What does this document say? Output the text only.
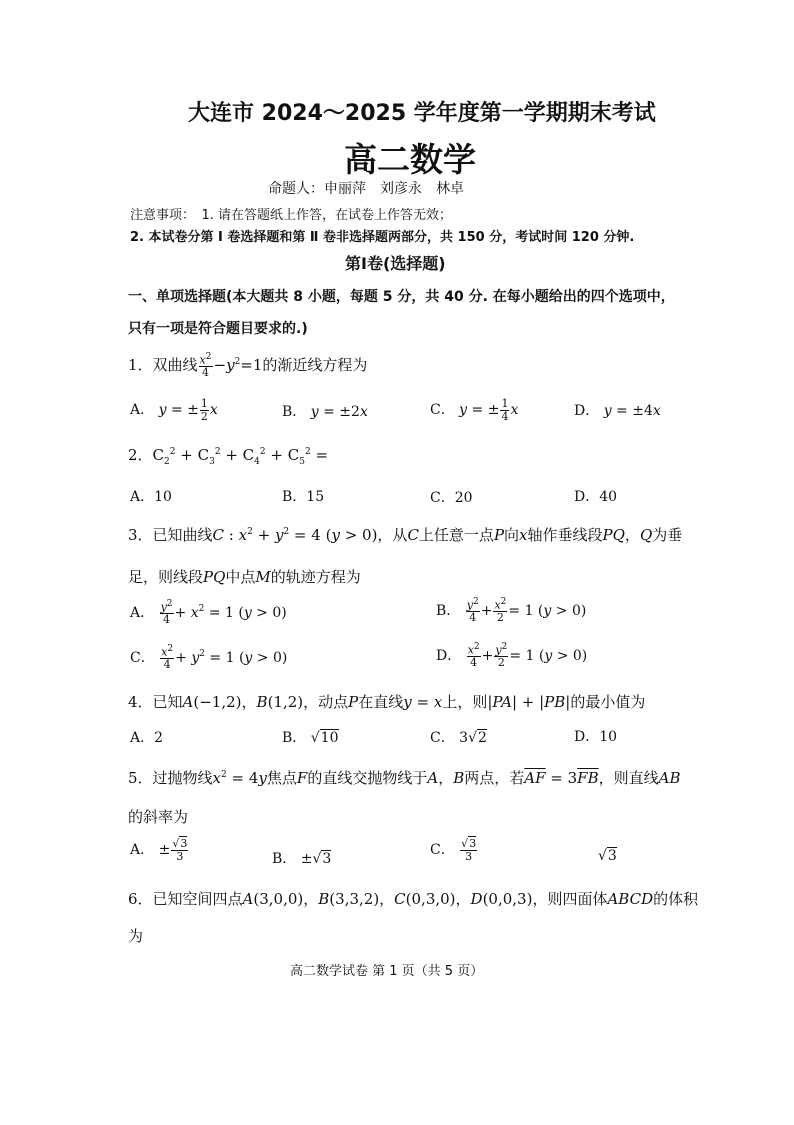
大连市 2024～2025 学年度第一学期期末考试
高二数学
命题人：申丽萍　刘彦永　林卓
注意事项：　1. 请在答题纸上作答，在试卷上作答无效；
2. 本试卷分第 Ⅰ 卷选择题和第 Ⅱ 卷非选择题两部分，共 150 分，考试时间 120 分钟.
第Ⅰ卷(选择题)
一、单项选择题(本大题共 8 小题，每题 5 分，共 40 分. 在每小题给出的四个选项中，
只有一项是符合题目要求的.)
1．双曲线 $\frac{x^2}{4} -y^2=1$的渐近线方程为
A． y = ± $\frac{1}{2}$ x	B． y = ±2x	C． y = ± $\frac{1}{4}$ x	D． y = ±4x
2．$C_2^2 + C_3^2 + C_4^2 + C_5^2$ =
A．10	B．15	C．20	D．40
3．已知曲线C : $x^2 + y^2 = 4$ (y > 0)，从C上任意一点P向x轴作垂线段PQ，Q为垂
足，则线段PQ中点M的轨迹方程为
A． $\frac{y^2}{4} + x^2 = 1$ (y > 0)	B． $\frac{y^2}{4} + \frac{x^2}{2} = 1$ (y > 0)
C． $\frac{x^2}{4} + y^2 = 1$ (y > 0)	D． $\frac{x^2}{4} + \frac{y^2}{2} = 1$ (y > 0)
4．已知A(−1,2)，B(1,2)，动点P在直线y = x上，则|PA| + |PB|的最小值为
A．2	B． √10	C． 3√2	D．10
5．过抛物线$x^2 = 4y$焦点F的直线交抛物线于A，B两点，若$\overline{AF} = 3\overline{FB}$，则直线AB
的斜率为
A． ± $\frac{√3}{3}$	B． ±√3
C． $\frac{√3}{3}$	√3
6．已知空间四点A(3,0,0)，B(3,3,2)，C(0,3,0)，D(0,0,3)，则四面体ABCD的体积
为
高二数学试卷 第 1 页（共 5 页）
